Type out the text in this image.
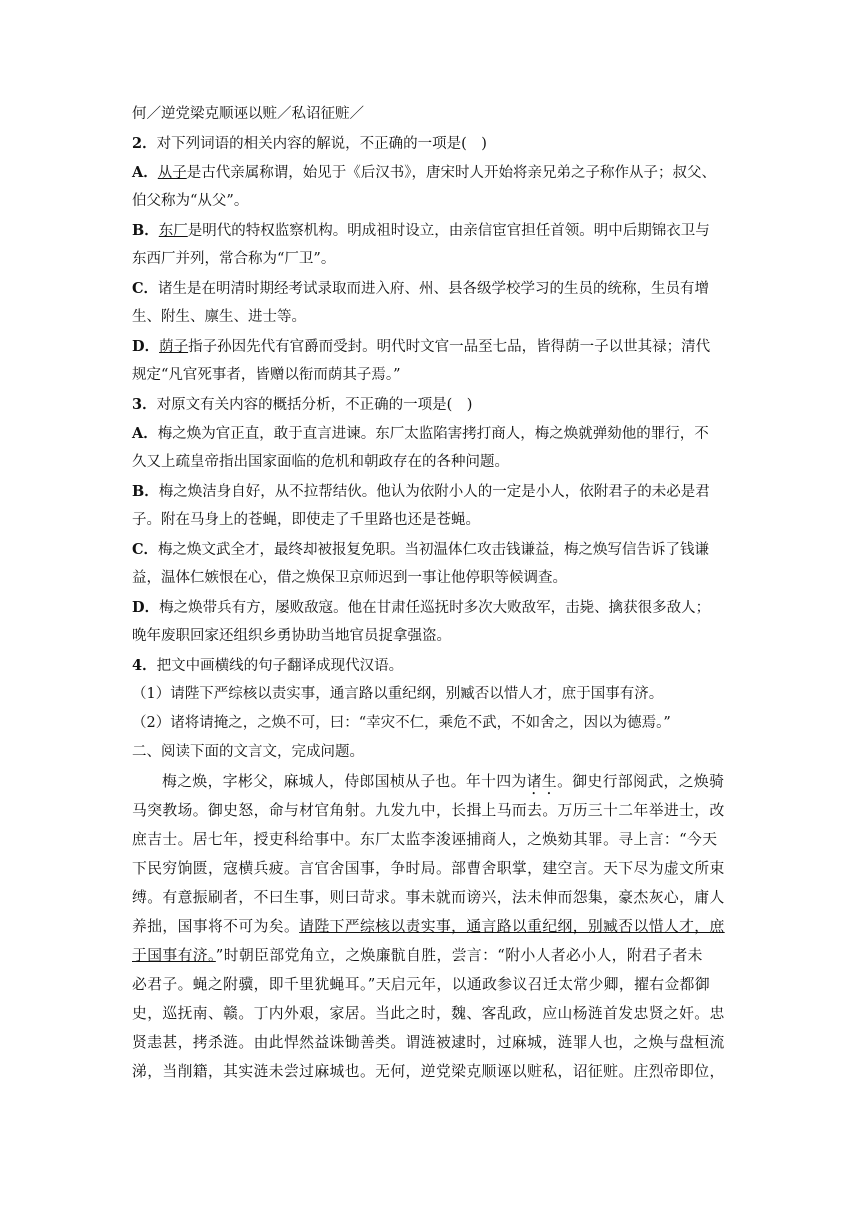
何／逆党梁克顺诬以赃／私诏征赃／
2．对下列词语的相关内容的解说，不正确的一项是(　)
A．从子是古代亲属称谓，始见于《后汉书》，唐宋时人开始将亲兄弟之子称作从子；叔父、
伯父称为“从父”。
B．东厂是明代的特权监察机构。明成祖时设立，由亲信宦官担任首领。明中后期锦衣卫与
东西厂并列，常合称为“厂卫”。
C．诸生是在明清时期经考试录取而进入府、州、县各级学校学习的生员的统称，生员有增
生、附生、廪生、进士等。
D．荫子指子孙因先代有官爵而受封。明代时文官一品至七品，皆得荫一子以世其禄；清代
规定“凡官死事者，皆赠以衔而荫其子焉。”
3．对原文有关内容的概括分析，不正确的一项是(　)
A．梅之焕为官正直，敢于直言进谏。东厂太监陷害拷打商人，梅之焕就弹劾他的罪行，不
久又上疏皇帝指出国家面临的危机和朝政存在的各种问题。
B．梅之焕洁身自好，从不拉帮结伙。他认为依附小人的一定是小人，依附君子的未必是君
子。附在马身上的苍蝇，即使走了千里路也还是苍蝇。
C．梅之焕文武全才，最终却被报复免职。当初温体仁攻击钱谦益，梅之焕写信告诉了钱谦
益，温体仁嫉恨在心，借之焕保卫京师迟到一事让他停职等候调查。
D．梅之焕带兵有方，屡败敌寇。他在甘肃任巡抚时多次大败敌军，击毙、擒获很多敌人；
晚年废职回家还组织乡勇协助当地官员捉拿强盗。
4．把文中画横线的句子翻译成现代汉语。
（1）请陛下严综核以责实事，通言路以重纪纲，别臧否以惜人才，庶于国事有济。
（2）诸将请掩之，之焕不可，曰：“幸灾不仁，乘危不武，不如舍之，因以为德焉。”
二、阅读下面的文言文，完成问题。
梅之焕，字彬父，麻城人，侍郎国桢从子也。年十四为诸生。御史行部阅武，之焕骑
马突教场。御史怒，命与材官角射。九发九中，长揖上马而去。万历三十二年举进士，改
庶吉士。居七年，授吏科给事中。东厂太监李浚诬捕商人，之焕劾其罪。寻上言：“今天
下民穷饷匮，寇横兵疲。言官舍国事，争时局。部曹舍职掌，建空言。天下尽为虚文所束
缚。有意振刷者，不曰生事，则曰苛求。事未就而谤兴，法未伸而怨集，豪杰灰心，庸人
养拙，国事将不可为矣。请陛下严综核以责实事，通言路以重纪纲，别臧否以惜人才，庶
于国事有济。”时朝臣部党角立，之焕廉骯自胜，尝言：“附小人者必小人，附君子者未
必君子。蝇之附骥，即千里犹蝇耳。”天启元年，以通政参议召迁太常少卿，擢右佥都御
史，巡抚南、赣。丁内外艰，家居。当此之时，魏、客乱政，应山杨涟首发忠贤之奸。忠
贤恚甚，拷杀涟。由此悍然益诛锄善类。谓涟被逮时，过麻城，涟罪人也，之焕与盘桓流
涕，当削籍，其实涟未尝过麻城也。无何，逆党梁克顺诬以赃私，诏征赃。庄烈帝即位，
